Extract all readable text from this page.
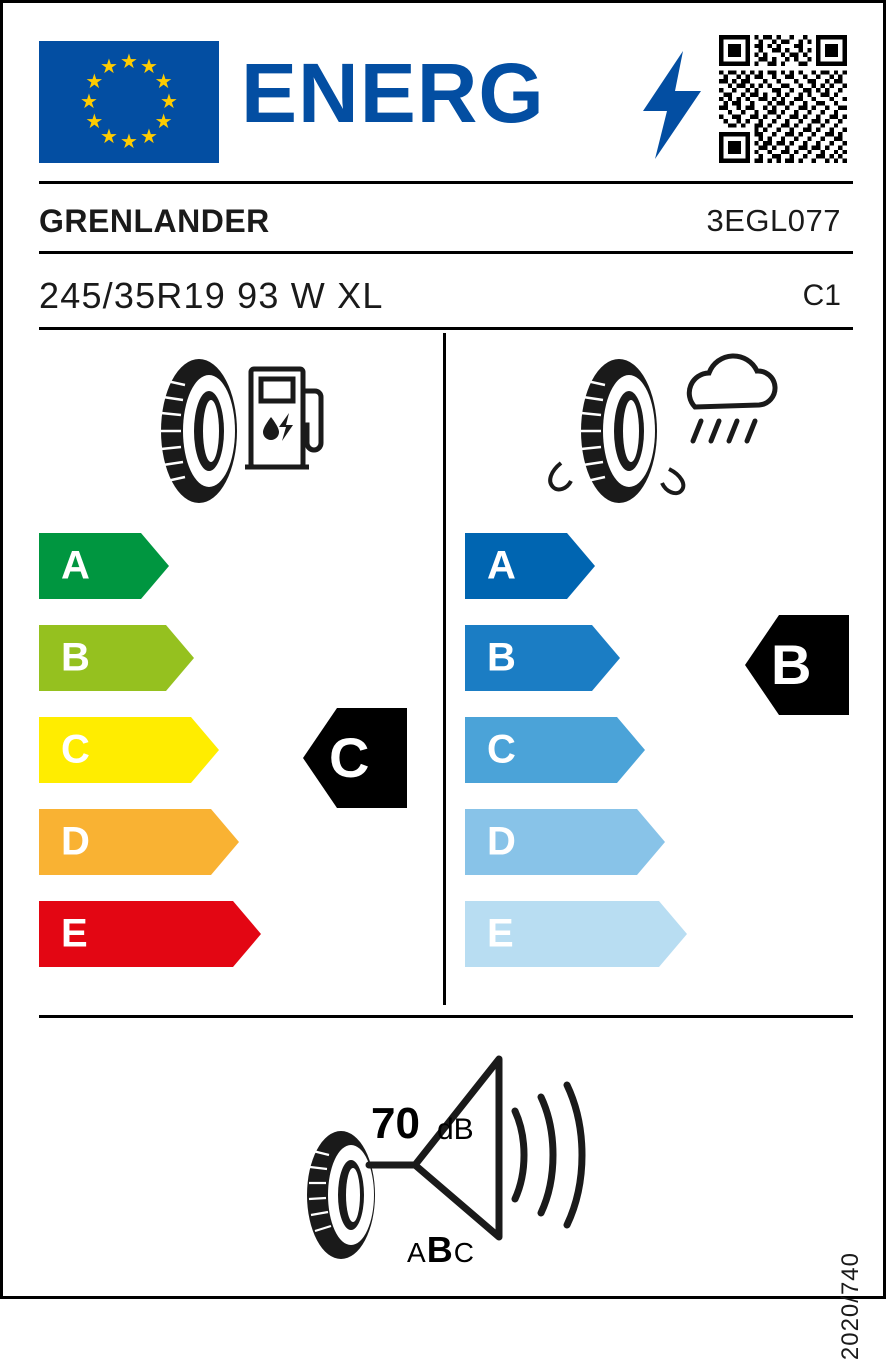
★ ★
★
★
★
★
★
★
★
★
★
★ ENERG
GRENLANDER	3EGL077
245/35R19 93 W XL	C1
A
B
C
D
E
C
A
B
C
D
E
B
70 dB
ABC	2020/740
